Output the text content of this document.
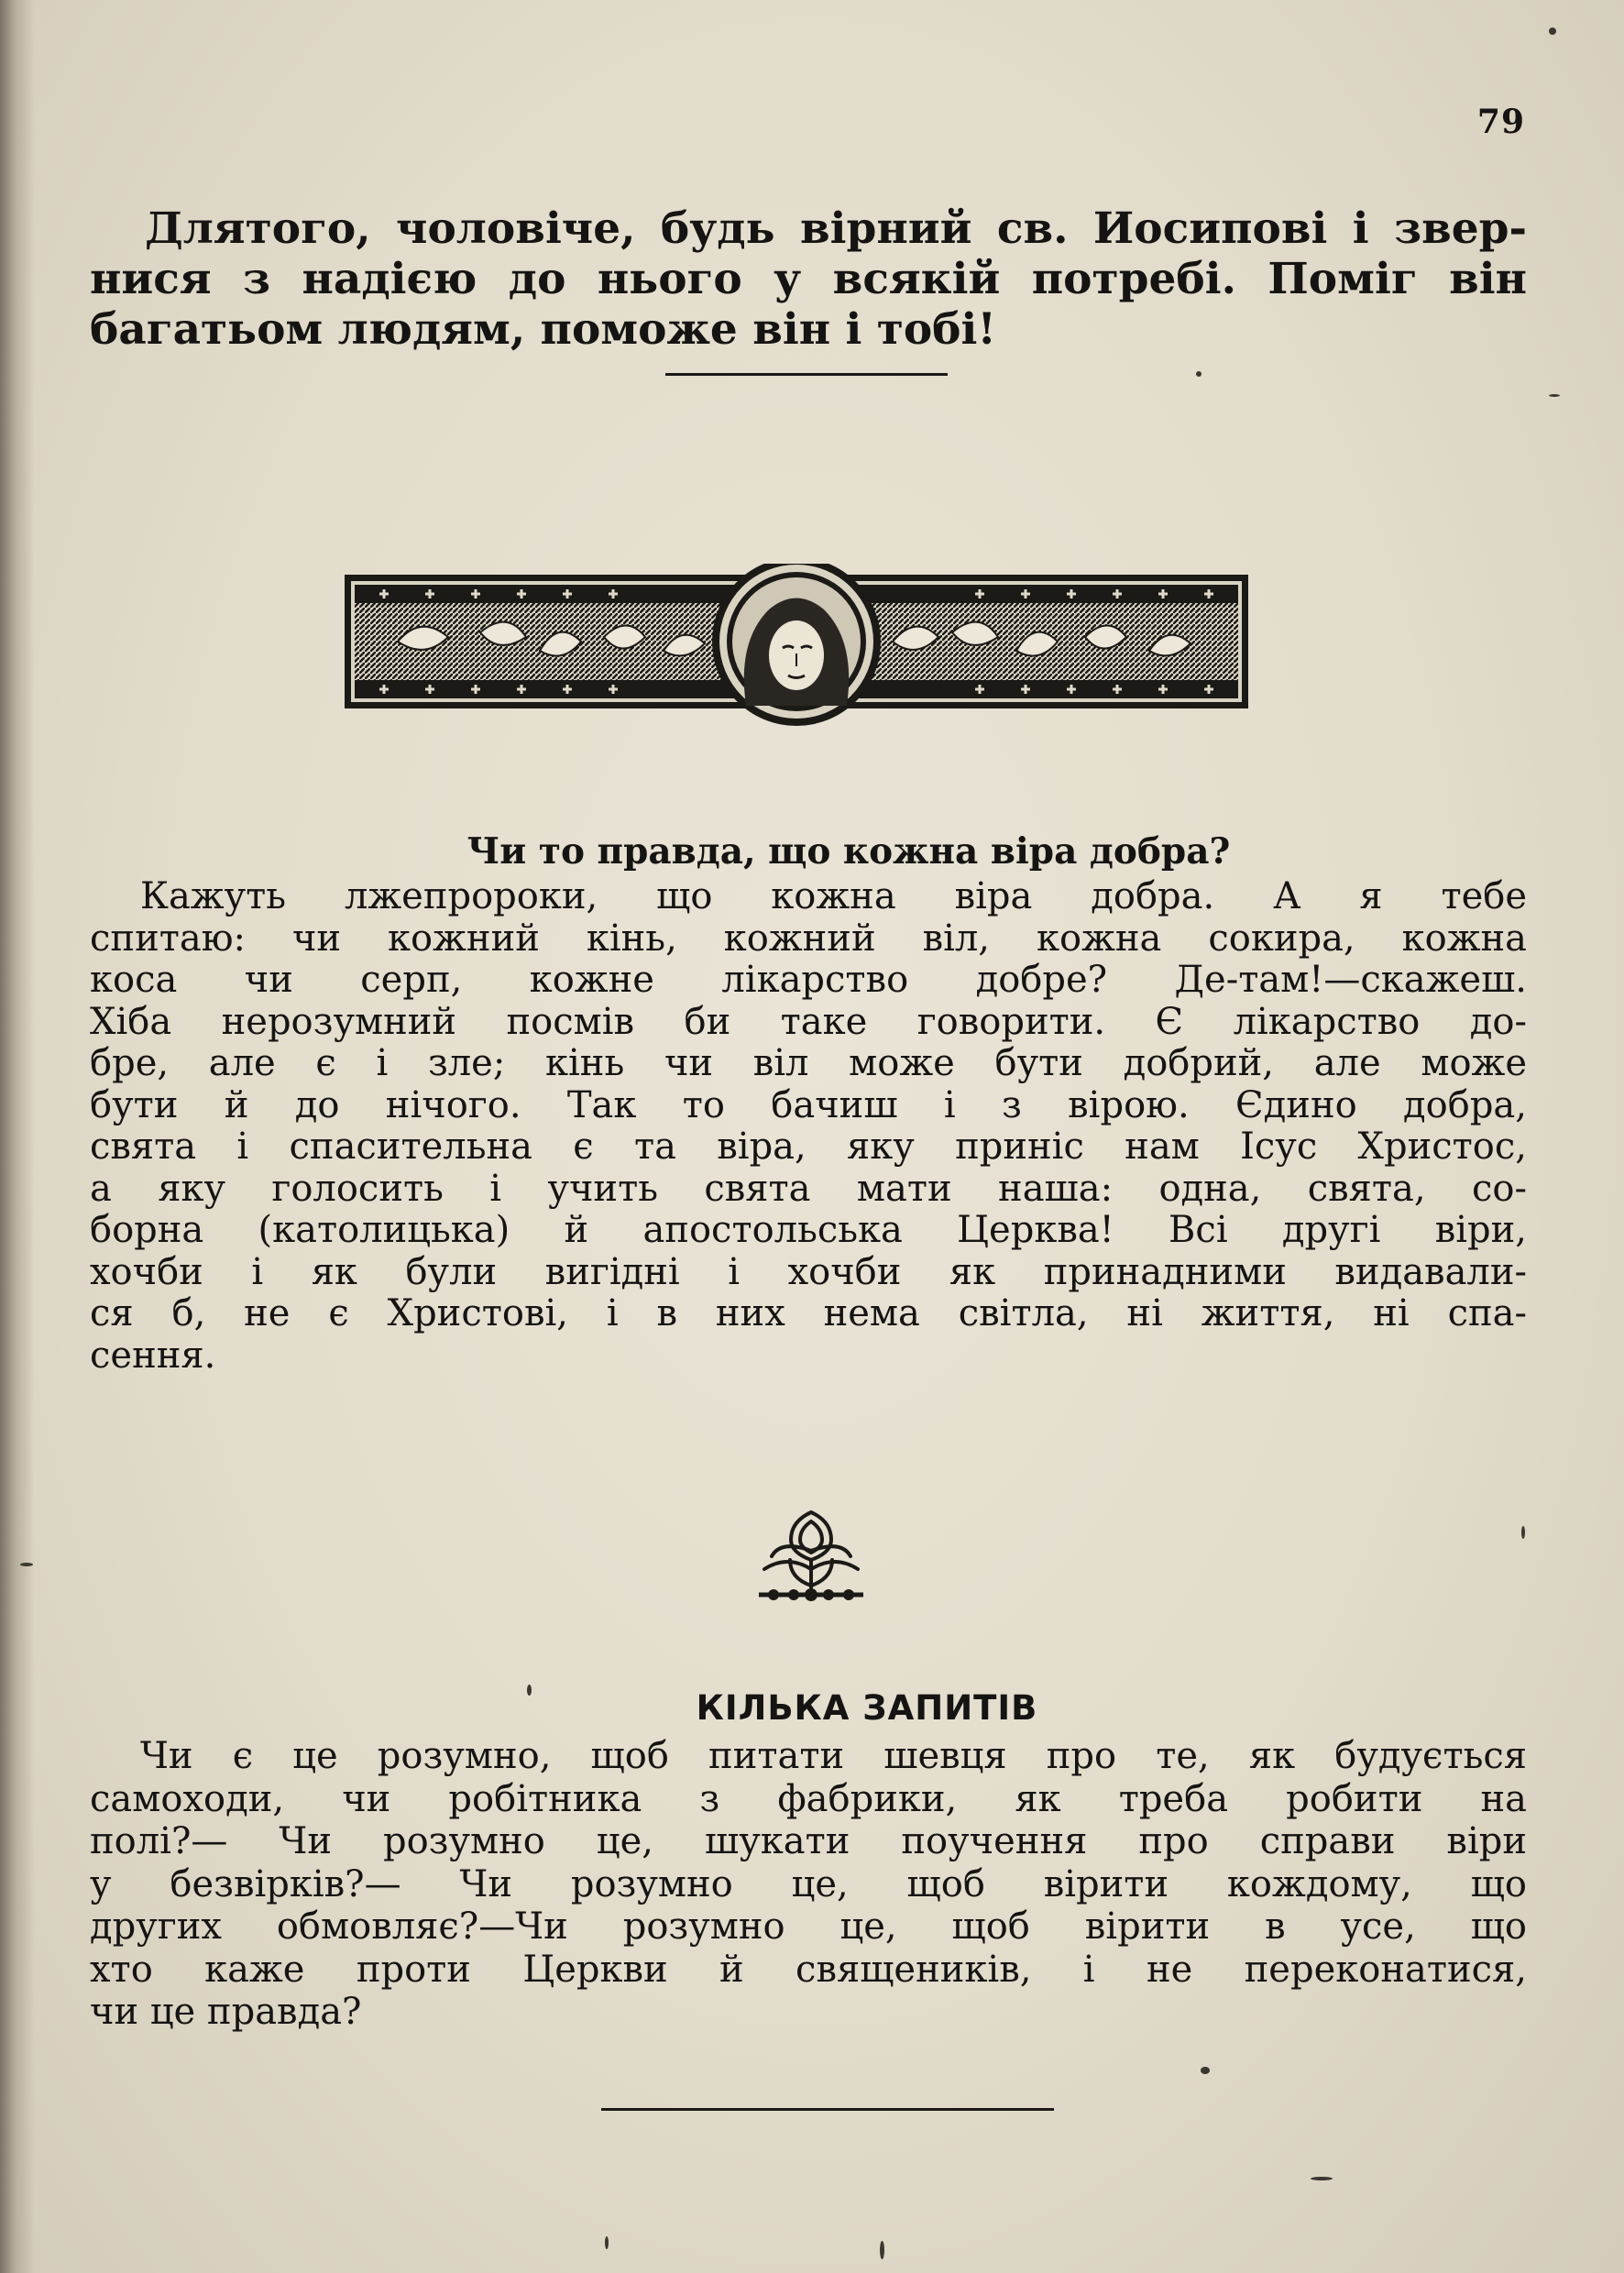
79

Длятого, чоловіче, будь вірний св. Иосипові і звер-
нися з надією до нього у всякій потребі. Поміг він
багатьом людям, поможе він і тобі!

Чи то правда, що кожна віра добра?

Кажуть лжепророки, що кожна віра добра. А я тебе
спитаю: чи кожний кінь, кожний віл, кожна сокира, кожна
коса чи серп, кожне лікарство добре? Де-там!—скажеш.
Хіба нерозумний посмів би таке говорити. Є лікарство до-
бре, але є і зле; кінь чи віл може бути добрий, але може
бути й до нічого. Так то бачиш і з вірою. Єдино добра,
свята і спасительна є та віра, яку приніс нам Ісус Христос,
а яку голосить і учить свята мати наша: одна, свята, со-
борна (католицька) й апостольська Церква! Всі другі віри,
хочби і як були вигідні і хочби як принадними видавали-
ся б, не є Христові, і в них нема світла, ні життя, ні спа-
сення.

КІЛЬКА ЗАПИТІВ

Чи є це розумно, щоб питати шевця про те, як будується
самоходи, чи робітника з фабрики, як треба робити на
полі?— Чи розумно це, шукати поучення про справи віри
у безвірків?— Чи розумно це, щоб вірити кождому, що
других обмовляє?—Чи розумно це, щоб вірити в усе, що
хто каже проти Церкви й священиків, і не переконатися,
чи це правда?
